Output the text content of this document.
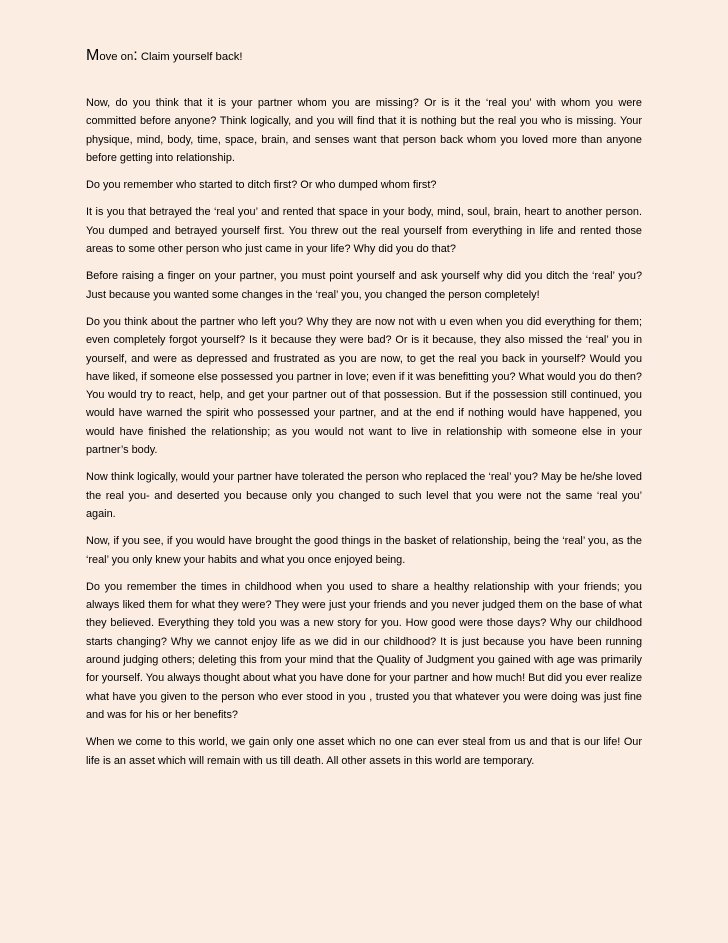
Move on: Claim yourself back!

Now, do you think that it is your partner whom you are missing? Or is it the ‘real you’ with whom you were committed before anyone? Think logically, and you will find that it is nothing but the real you who is missing. Your physique, mind, body, time, space, brain, and senses want that person back whom you loved more than anyone before getting into relationship.

Do you remember who started to ditch first? Or who dumped whom first?

It is you that betrayed the ‘real you’ and rented that space in your body, mind, soul, brain, heart to another person. You dumped and betrayed yourself first. You threw out the real yourself from everything in life and rented those areas to some other person who just came in your life? Why did you do that?

Before raising a finger on your partner, you must point yourself and ask yourself why did you ditch the ‘real’ you? Just because you wanted some changes in the ‘real’ you, you changed the person completely!

Do you think about the partner who left you? Why they are now not with u even when you did everything for them; even completely forgot yourself? Is it because they were bad? Or is it because, they also missed the ‘real’ you in yourself, and were as depressed and frustrated as you are now, to get the real you back in yourself? Would you have liked, if someone else possessed you partner in love; even if it was benefitting you? What would you do then? You would try to react, help, and get your partner out of that possession. But if the possession still continued, you would have warned the spirit who possessed your partner, and at the end if nothing would have happened, you would have finished the relationship; as you would not want to live in relationship with someone else in your partner’s body.

Now think logically, would your partner have tolerated the person who replaced the ‘real’ you? May be he/she loved the real you- and deserted you because only you changed to such level that you were not the same ‘real you’ again.

Now, if you see, if you would have brought the good things in the basket of relationship, being the ‘real’ you, as the ‘real’ you only knew your habits and what you once enjoyed being.

Do you remember the times in childhood when you used to share a healthy relationship with your friends; you always liked them for what they were? They were just your friends and you never judged them on the base of what they believed. Everything they told you was a new story for you. How good were those days? Why our childhood starts changing? Why we cannot enjoy life as we did in our childhood? It is just because you have been running around judging others; deleting this from your mind that the Quality of Judgment you gained with age was primarily for yourself. You always thought about what you have done for your partner and how much! But did you ever realize what have you given to the person who ever stood in you , trusted you that whatever you were doing was just fine and was for his or her benefits?

When we come to this world, we gain only one asset which no one can ever steal from us and that is our life! Our life is an asset which will remain with us till death. All other assets in this world are temporary.
